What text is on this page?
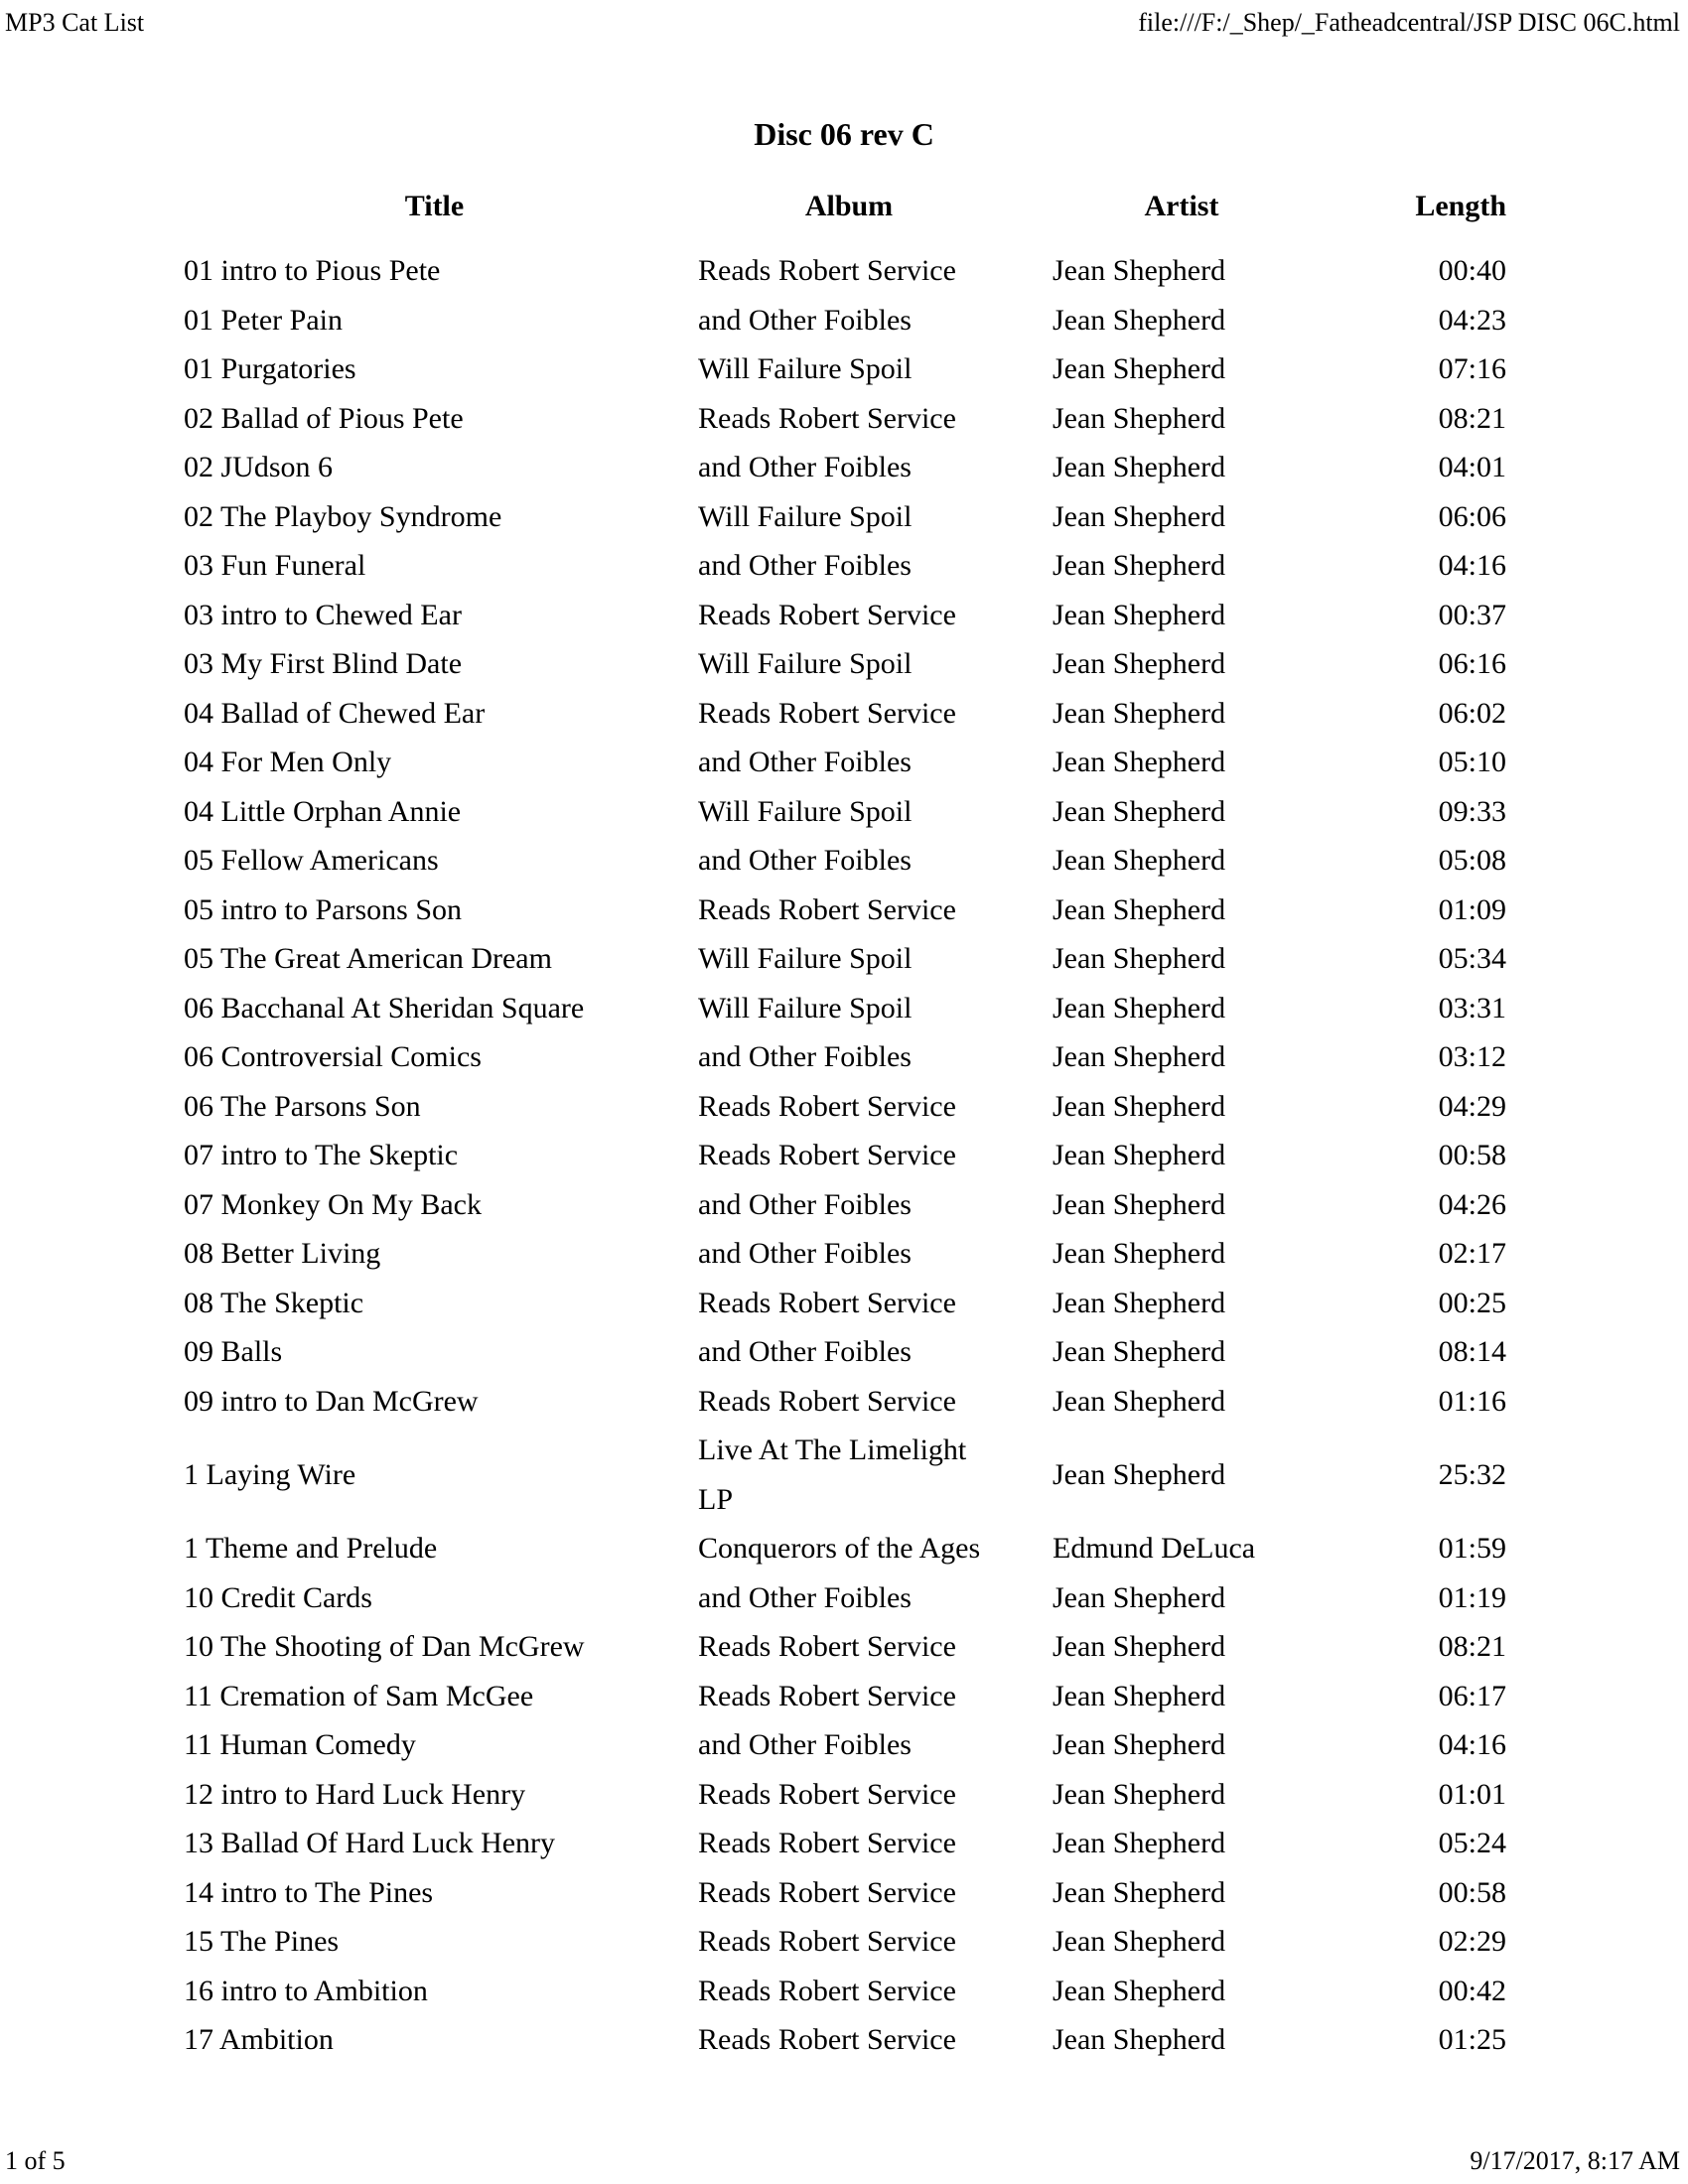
MP3 Cat List	file:///F:/_Shep/_Fatheadcentral/JSP DISC 06C.html
Disc 06 rev C
Title	Album	Artist	Length
01 intro to Pious Pete	Reads Robert Service	Jean Shepherd	00:40
01 Peter Pain	and Other Foibles	Jean Shepherd	04:23
01 Purgatories	Will Failure Spoil	Jean Shepherd	07:16
02 Ballad of Pious Pete	Reads Robert Service	Jean Shepherd	08:21
02 JUdson 6	and Other Foibles	Jean Shepherd	04:01
02 The Playboy Syndrome	Will Failure Spoil	Jean Shepherd	06:06
03 Fun Funeral	and Other Foibles	Jean Shepherd	04:16
03 intro to Chewed Ear	Reads Robert Service	Jean Shepherd	00:37
03 My First Blind Date	Will Failure Spoil	Jean Shepherd	06:16
04 Ballad of Chewed Ear	Reads Robert Service	Jean Shepherd	06:02
04 For Men Only	and Other Foibles	Jean Shepherd	05:10
04 Little Orphan Annie	Will Failure Spoil	Jean Shepherd	09:33
05 Fellow Americans	and Other Foibles	Jean Shepherd	05:08
05 intro to Parsons Son	Reads Robert Service	Jean Shepherd	01:09
05 The Great American Dream	Will Failure Spoil	Jean Shepherd	05:34
06 Bacchanal At Sheridan Square	Will Failure Spoil	Jean Shepherd	03:31
06 Controversial Comics	and Other Foibles	Jean Shepherd	03:12
06 The Parsons Son	Reads Robert Service	Jean Shepherd	04:29
07 intro to The Skeptic	Reads Robert Service	Jean Shepherd	00:58
07 Monkey On My Back	and Other Foibles	Jean Shepherd	04:26
08 Better Living	and Other Foibles	Jean Shepherd	02:17
08 The Skeptic	Reads Robert Service	Jean Shepherd	00:25
09 Balls	and Other Foibles	Jean Shepherd	08:14
09 intro to Dan McGrew	Reads Robert Service	Jean Shepherd	01:16
1 Laying Wire	Live At The Limelight LP	Jean Shepherd	25:32
1 Theme and Prelude	Conquerors of the Ages	Edmund DeLuca	01:59
10 Credit Cards	and Other Foibles	Jean Shepherd	01:19
10 The Shooting of Dan McGrew	Reads Robert Service	Jean Shepherd	08:21
11 Cremation of Sam McGee	Reads Robert Service	Jean Shepherd	06:17
11 Human Comedy	and Other Foibles	Jean Shepherd	04:16
12 intro to Hard Luck Henry	Reads Robert Service	Jean Shepherd	01:01
13 Ballad Of Hard Luck Henry	Reads Robert Service	Jean Shepherd	05:24
14 intro to The Pines	Reads Robert Service	Jean Shepherd	00:58
15 The Pines	Reads Robert Service	Jean Shepherd	02:29
16 intro to Ambition	Reads Robert Service	Jean Shepherd	00:42
17 Ambition	Reads Robert Service	Jean Shepherd	01:25
1 of 5	9/17/2017, 8:17 AM
